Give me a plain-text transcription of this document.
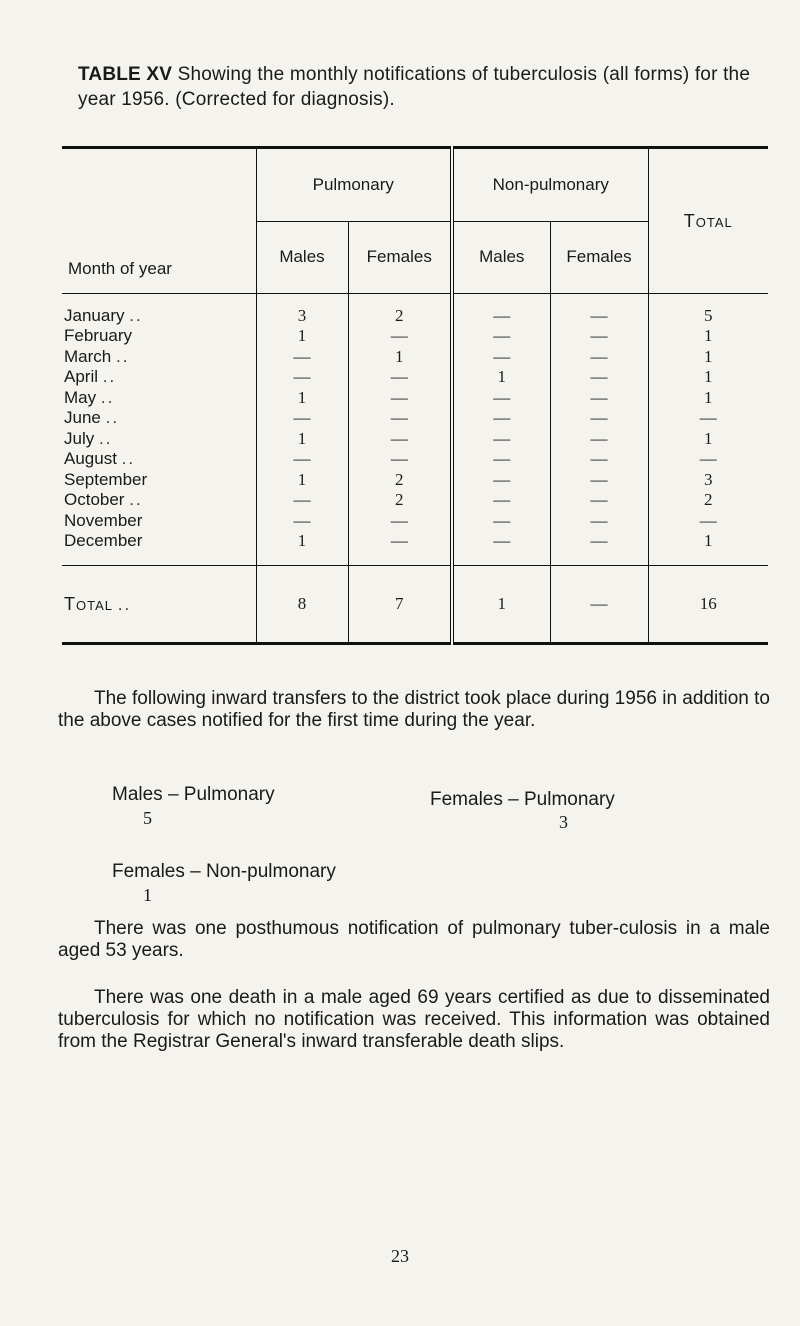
TABLE XV Showing the monthly notifications of tuberculosis (all forms) for the year 1956. (Corrected for diagnosis).
Month of year	Pulmonary		Non-pulmonary		Total
	Males	Females	Males	Females	

January ..	3	2	—	—	5
February	1	—	—	—	1
March ..	—	1	—	—	1
April ..	—	—	1	—	1
May ..	1	—	—	—	1
June ..	—	—	—	—	—
July ..	1	—	—	—	1
August ..	—	—	—	—	—
September	1	2	—	—	3
October ..	—	2	—	—	2
November	—	—	—	—	—
December	1	—	—	—	1

Total ..	8	7	1	—	16

The following inward transfers to the district took place during 1956 in addition to the above cases notified for the first time during the year.

Males – Pulmonary
5
Females – Pulmonary
3
Females – Non-pulmonary
1

There was one posthumous notification of pulmonary tuber-culosis in a male aged 53 years.

There was one death in a male aged 69 years certified as due to disseminated tuberculosis for which no notification was received. This information was obtained from the Registrar General's inward transferable death slips.

23
